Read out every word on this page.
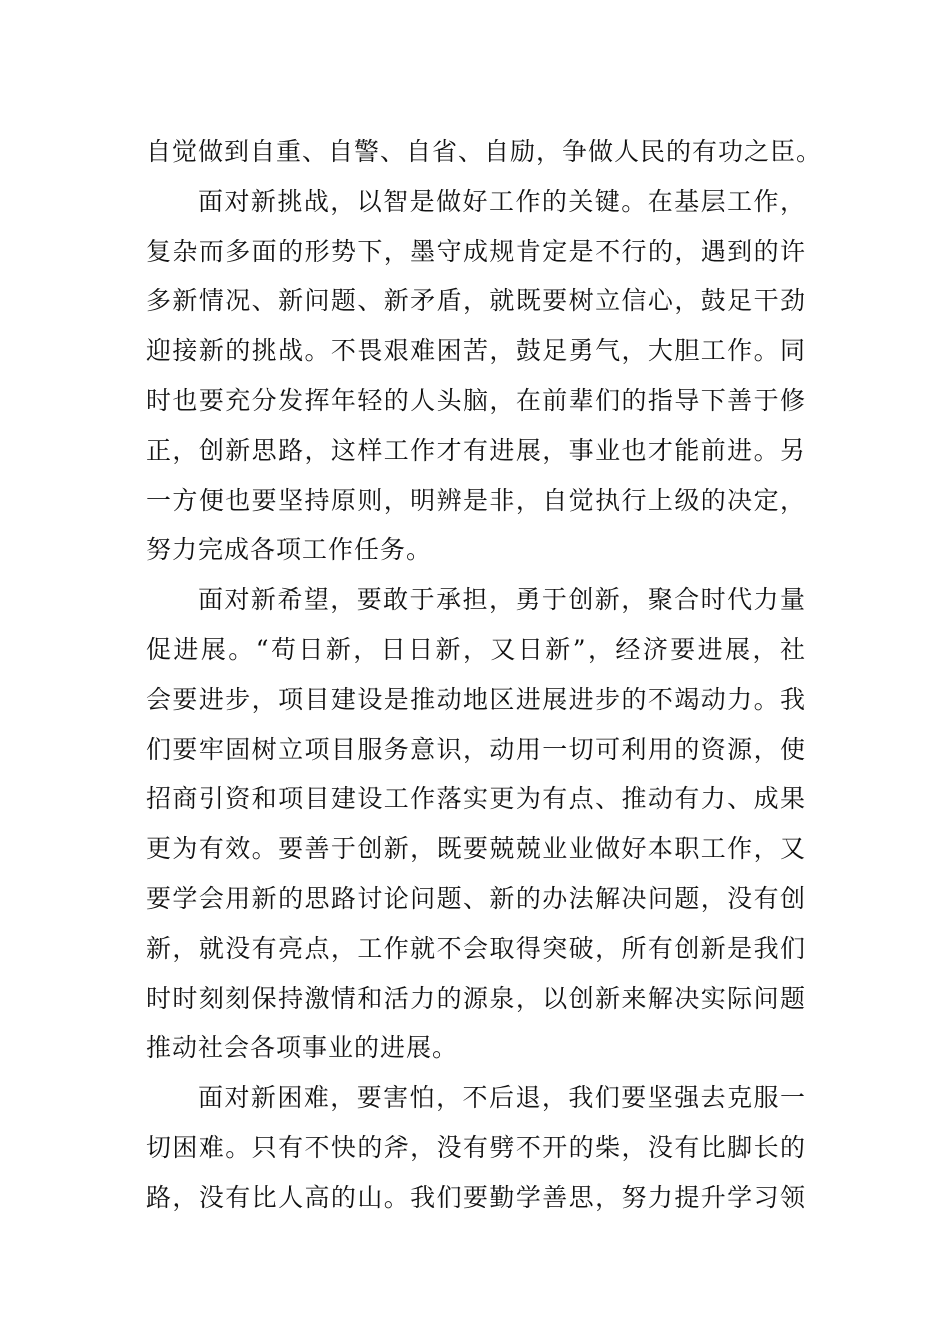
自觉做到自重、自警、自省、自励，争做人民的有功之臣。
面对新挑战，以智是做好工作的关键。在基层工作，
复杂而多面的形势下，墨守成规肯定是不行的，遇到的许
多新情况、新问题、新矛盾，就既要树立信心，鼓足干劲
迎接新的挑战。不畏艰难困苦，鼓足勇气，大胆工作。同
时也要充分发挥年轻的人头脑，在前辈们的指导下善于修
正，创新思路，这样工作才有进展，事业也才能前进。另
一方便也要坚持原则，明辨是非，自觉执行上级的决定，
努力完成各项工作任务。
面对新希望，要敢于承担，勇于创新，聚合时代力量
促进展。“苟日新，日日新，又日新”，经济要进展，社
会要进步，项目建设是推动地区进展进步的不竭动力。我
们要牢固树立项目服务意识，动用一切可利用的资源，使
招商引资和项目建设工作落实更为有点、推动有力、成果
更为有效。要善于创新，既要兢兢业业做好本职工作，又
要学会用新的思路讨论问题、新的办法解决问题，没有创
新，就没有亮点，工作就不会取得突破，所有创新是我们
时时刻刻保持激情和活力的源泉，以创新来解决实际问题
推动社会各项事业的进展。
面对新困难，要害怕，不后退，我们要坚强去克服一
切困难。只有不快的斧，没有劈不开的柴，没有比脚长的
路，没有比人高的山。我们要勤学善思，努力提升学习领
